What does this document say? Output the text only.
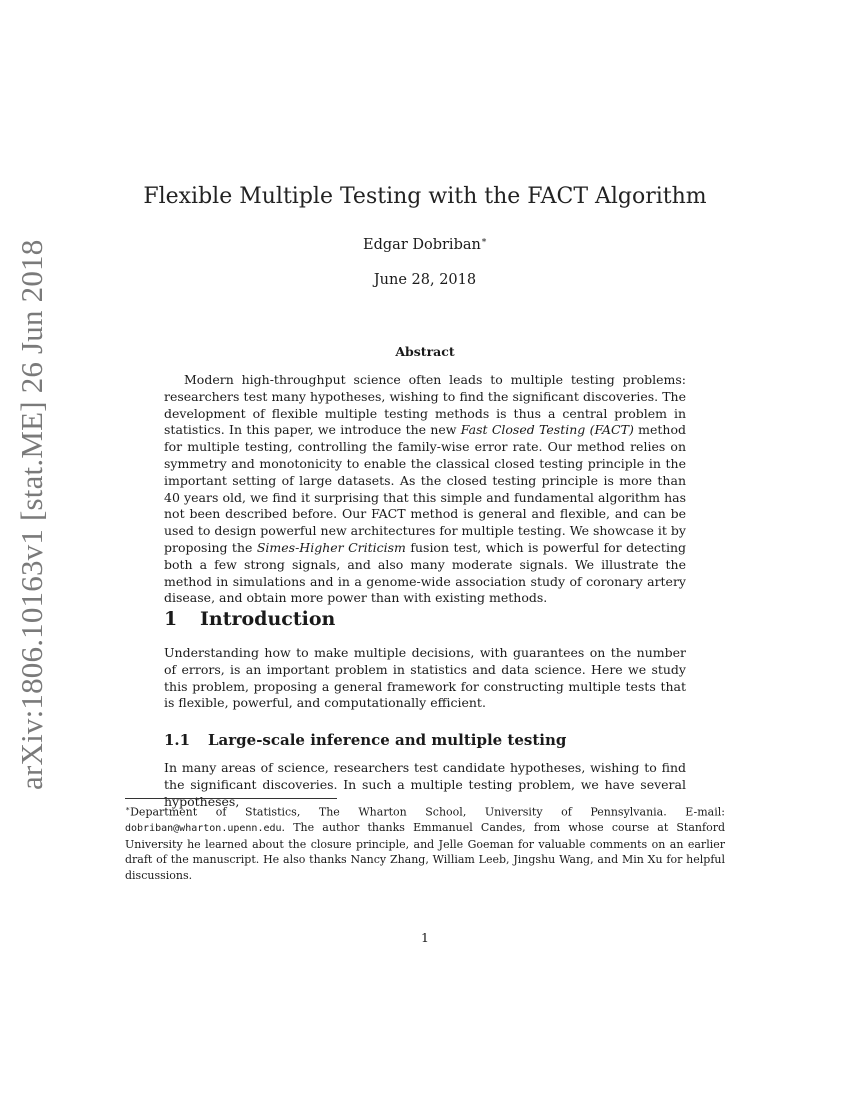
arXiv:1806.10163v1 [stat.ME] 26 Jun 2018
Flexible Multiple Testing with the FACT Algorithm
Edgar Dobriban∗
June 28, 2018
Abstract

Modern high-throughput science often leads to multiple testing problems: researchers test many hypotheses, wishing to find the significant discoveries. The development of flexible multiple testing methods is thus a central problem in statistics. In this paper, we introduce the new Fast Closed Testing (FACT) method for multiple testing, controlling the family-wise error rate. Our method relies on symmetry and monotonicity to enable the classical closed testing principle in the important setting of large datasets. As the closed testing principle is more than 40 years old, we find it surprising that this simple and fundamental algorithm has not been described before. Our FACT method is general and flexible, and can be used to design powerful new architectures for multiple testing. We showcase it by proposing the Simes-Higher Criticism fusion test, which is powerful for detecting both a few strong signals, and also many moderate signals. We illustrate the method in simulations and in a genome-wide association study of coronary artery disease, and obtain more power than with existing methods.

1 Introduction

Understanding how to make multiple decisions, with guarantees on the number of errors, is an important problem in statistics and data science. Here we study this problem, proposing a general framework for constructing multiple tests that is flexible, powerful, and computationally efficient.

1.1 Large-scale inference and multiple testing

In many areas of science, researchers test candidate hypotheses, wishing to find the significant discoveries. In such a multiple testing problem, we have several hypotheses,

∗Department of Statistics, The Wharton School, University of Pennsylvania. E-mail: dobriban@wharton.upenn.edu. The author thanks Emmanuel Candes, from whose course at Stanford University he learned about the closure principle, and Jelle Goeman for valuable comments on an earlier draft of the manuscript. He also thanks Nancy Zhang, William Leeb, Jingshu Wang, and Min Xu for helpful discussions.

1
